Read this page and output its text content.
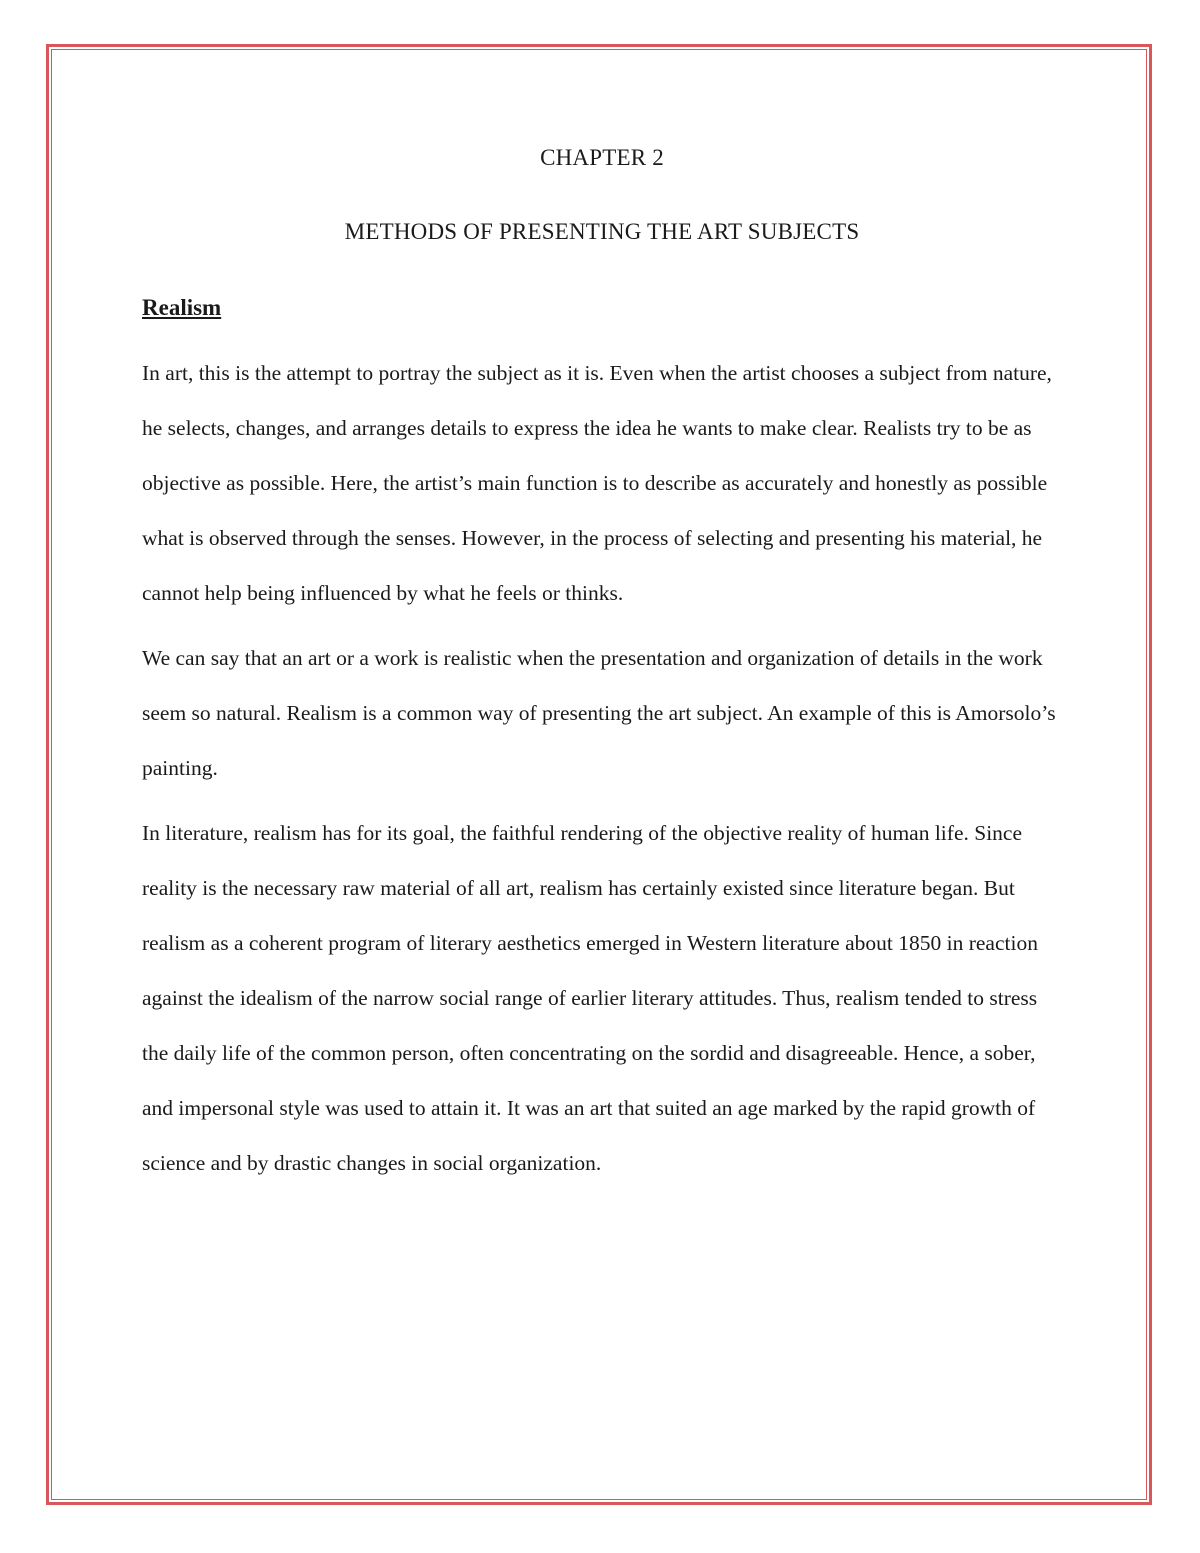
CHAPTER 2

METHODS OF PRESENTING THE ART SUBJECTS

Realism

In art, this is the attempt to portray the subject as it is. Even when the artist chooses a subject from nature, he selects, changes, and arranges details to express the idea he wants to make clear. Realists try to be as objective as possible. Here, the artist’s main function is to describe as accurately and honestly as possible what is observed through the senses. However, in the process of selecting and presenting his material, he cannot help being influenced by what he feels or thinks.

We can say that an art or a work is realistic when the presentation and organization of details in the work seem so natural. Realism is a common way of presenting the art subject. An example of this is Amorsolo’s painting.

In literature, realism has for its goal, the faithful rendering of the objective reality of human life. Since reality is the necessary raw material of all art, realism has certainly existed since literature began. But realism as a coherent program of literary aesthetics emerged in Western literature about 1850 in reaction against the idealism of the narrow social range of earlier literary attitudes. Thus, realism tended to stress the daily life of the common person, often concentrating on the sordid and disagreeable. Hence, a sober, and impersonal style was used to attain it. It was an art that suited an age marked by the rapid growth of science and by drastic changes in social organization.
